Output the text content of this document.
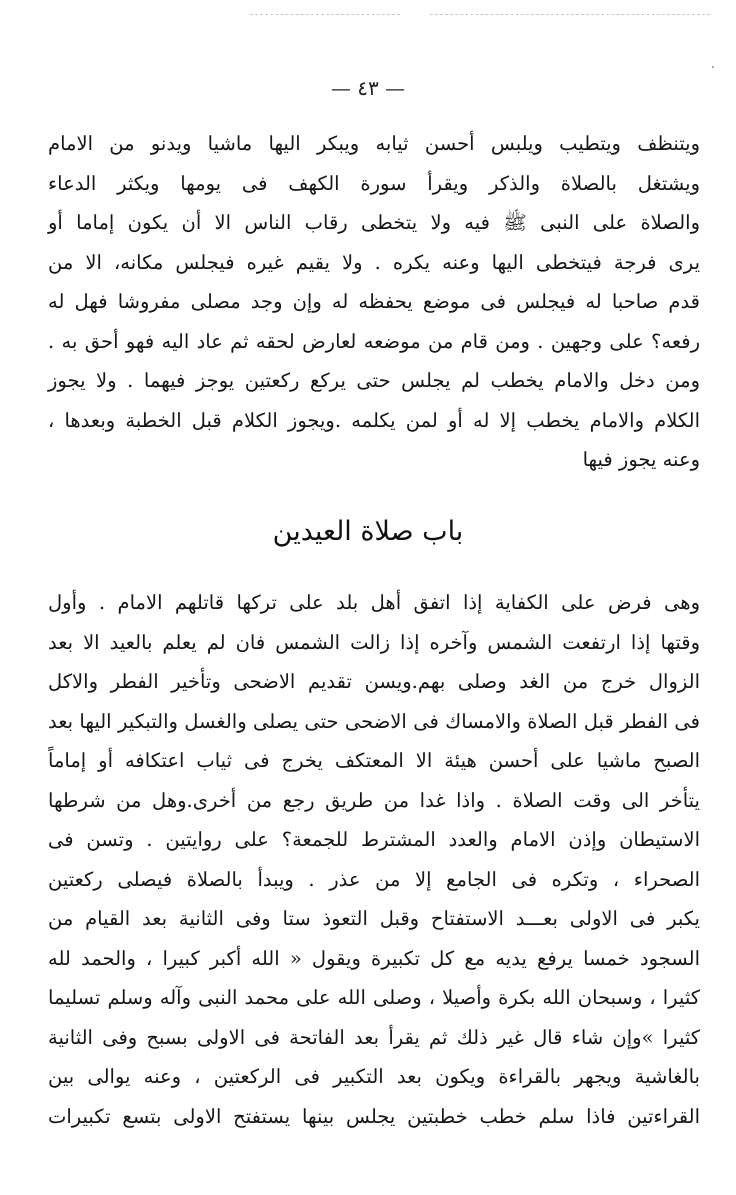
— ٤٣ —
ويتنظف ويتطيب ويلبس أحسن ثيابه ويبكر اليها ماشيا ويدنو من الامام
ويشتغل بالصلاة والذكر ويقرأ سورة الكهف فى يومها ويكثر الدعاء
والصلاة على النبى ﷺ فيه ولا يتخطى رقاب الناس الا أن يكون إماما أو
يرى فرجة فيتخطى اليها وعنه يكره . ولا يقيم غيره فيجلس مكانه، الا من
قدم صاحبا له فيجلس فى موضع يحفظه له وإن وجد مصلى مفروشا فهل له
رفعه؟ على وجهين . ومن قام من موضعه لعارض لحقه ثم عاد اليه فهو أحق به .
ومن دخل والامام يخطب لم يجلس حتى يركع ركعتين يوجز فيهما . ولا يجوز
الكلام والامام يخطب إلا له أو لمن يكلمه .ويجوز الكلام قبل الخطبة وبعدها ،
وعنه يجوز فيها
باب صلاة العيدين
وهى فرض على الكفاية إذا اتفق أهل بلد على تركها قاتلهم الامام . وأول
وقتها إذا ارتفعت الشمس وآخره إذا زالت الشمس فان لم يعلم بالعيد الا بعد
الزوال خرج من الغد وصلى بهم.ويسن تقديم الاضحى وتأخير الفطر والاكل
فى الفطر قبل الصلاة والامساك فى الاضحى حتى يصلى والغسل والتبكير اليها بعد
الصبح ماشيا على أحسن هيئة الا المعتكف يخرج فى ثياب اعتكافه أو إماماً
يتأخر الى وقت الصلاة . واذا غدا من طريق رجع من أخرى.وهل من شرطها
الاستيطان وإذن الامام والعدد المشترط للجمعة؟ على روايتين . وتسن فى
الصحراء ، وتكره فى الجامع إلا من عذر . ويبدأ بالصلاة فيصلى ركعتين
يكبر فى الاولى بعـــد الاستفتاح وقبل التعوذ ستا وفى الثانية بعد القيام من
السجود خمسا يرفع يديه مع كل تكبيرة ويقول « الله أكبر كبيرا ، والحمد لله
كثيرا ، وسبحان الله بكرة وأصيلا ، وصلى الله على محمد النبى وآله وسلم تسليما
كثيرا »وإن شاء قال غير ذلك ثم يقرأ بعد الفاتحة فى الاولى بسبح وفى الثانية
بالغاشية ويجهر بالقراءة ويكون بعد التكبير فى الركعتين ، وعنه يوالى بين
القراءتين فاذا سلم خطب خطبتين يجلس بينها يستفتح الاولى بتسع تكبيرات
